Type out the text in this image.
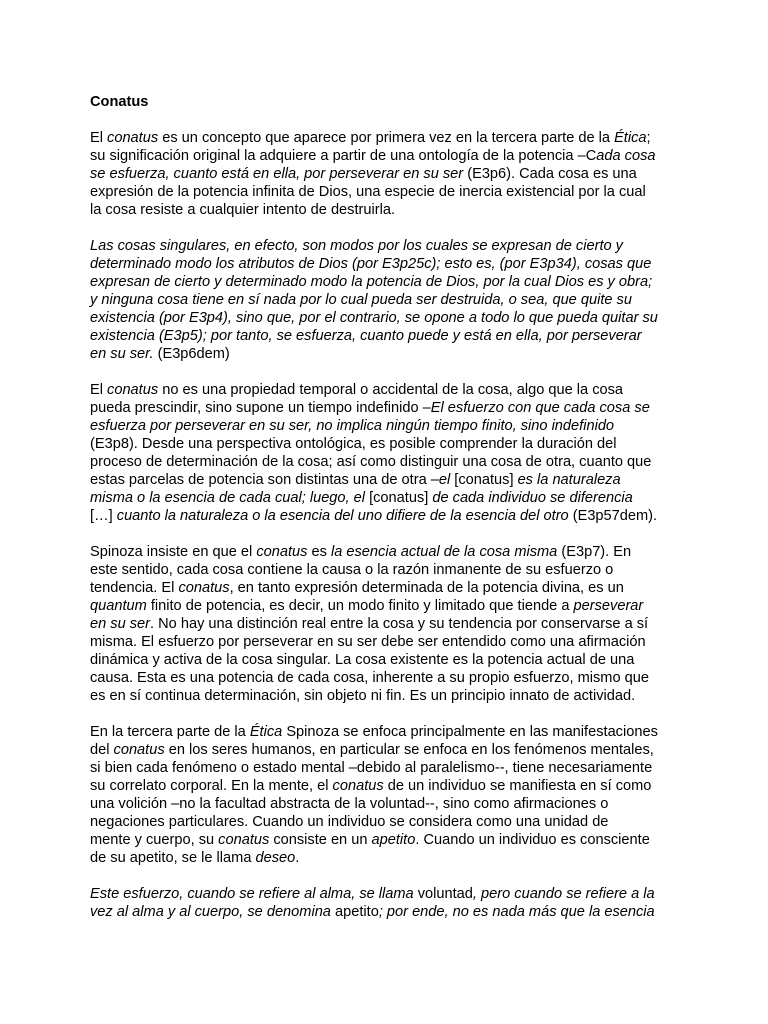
Conatus

El conatus es un concepto que aparece por primera vez en la tercera parte de la Ética;
su significación original la adquiere a partir de una ontología de la potencia –Cada cosa
se esfuerza, cuanto está en ella, por perseverar en su ser (E3p6). Cada cosa es una
expresión de la potencia infinita de Dios, una especie de inercia existencial por la cual
la cosa resiste a cualquier intento de destruirla.

Las cosas singulares, en efecto, son modos por los cuales se expresan de cierto y
determinado modo los atributos de Dios (por E3p25c); esto es, (por E3p34), cosas que
expresan de cierto y determinado modo la potencia de Dios, por la cual Dios es y obra;
y ninguna cosa tiene en sí nada por lo cual pueda ser destruida, o sea, que quite su
existencia (por E3p4), sino que, por el contrario, se opone a todo lo que pueda quitar su
existencia (E3p5); por tanto, se esfuerza, cuanto puede y está en ella, por perseverar
en su ser. (E3p6dem)

El conatus no es una propiedad temporal o accidental de la cosa, algo que la cosa
pueda prescindir, sino supone un tiempo indefinido –El esfuerzo con que cada cosa se
esfuerza por perseverar en su ser, no implica ningún tiempo finito, sino indefinido
(E3p8). Desde una perspectiva ontológica, es posible comprender la duración del
proceso de determinación de la cosa; así como distinguir una cosa de otra, cuanto que
estas parcelas de potencia son distintas una de otra –el [conatus] es la naturaleza
misma o la esencia de cada cual; luego, el [conatus] de cada individuo se diferencia
[…] cuanto la naturaleza o la esencia del uno difiere de la esencia del otro (E3p57dem).

Spinoza insiste en que el conatus es la esencia actual de la cosa misma (E3p7). En
este sentido, cada cosa contiene la causa o la razón inmanente de su esfuerzo o
tendencia. El conatus, en tanto expresión determinada de la potencia divina, es un
quantum finito de potencia, es decir, un modo finito y limitado que tiende a perseverar
en su ser. No hay una distinción real entre la cosa y su tendencia por conservarse a sí
misma. El esfuerzo por perseverar en su ser debe ser entendido como una afirmación
dinámica y activa de la cosa singular. La cosa existente es la potencia actual de una
causa. Esta es una potencia de cada cosa, inherente a su propio esfuerzo, mismo que
es en sí continua determinación, sin objeto ni fin. Es un principio innato de actividad.

En la tercera parte de la Ética Spinoza se enfoca principalmente en las manifestaciones
del conatus en los seres humanos, en particular se enfoca en los fenómenos mentales,
si bien cada fenómeno o estado mental –debido al paralelismo--, tiene necesariamente
su correlato corporal. En la mente, el conatus de un individuo se manifiesta en sí como
una volición –no la facultad abstracta de la voluntad--, sino como afirmaciones o
negaciones particulares. Cuando un individuo se considera como una unidad de
mente y cuerpo, su conatus consiste en un apetito. Cuando un individuo es consciente
de su apetito, se le llama deseo.

Este esfuerzo, cuando se refiere al alma, se llama voluntad, pero cuando se refiere a la
vez al alma y al cuerpo, se denomina apetito; por ende, no es nada más que la esencia
